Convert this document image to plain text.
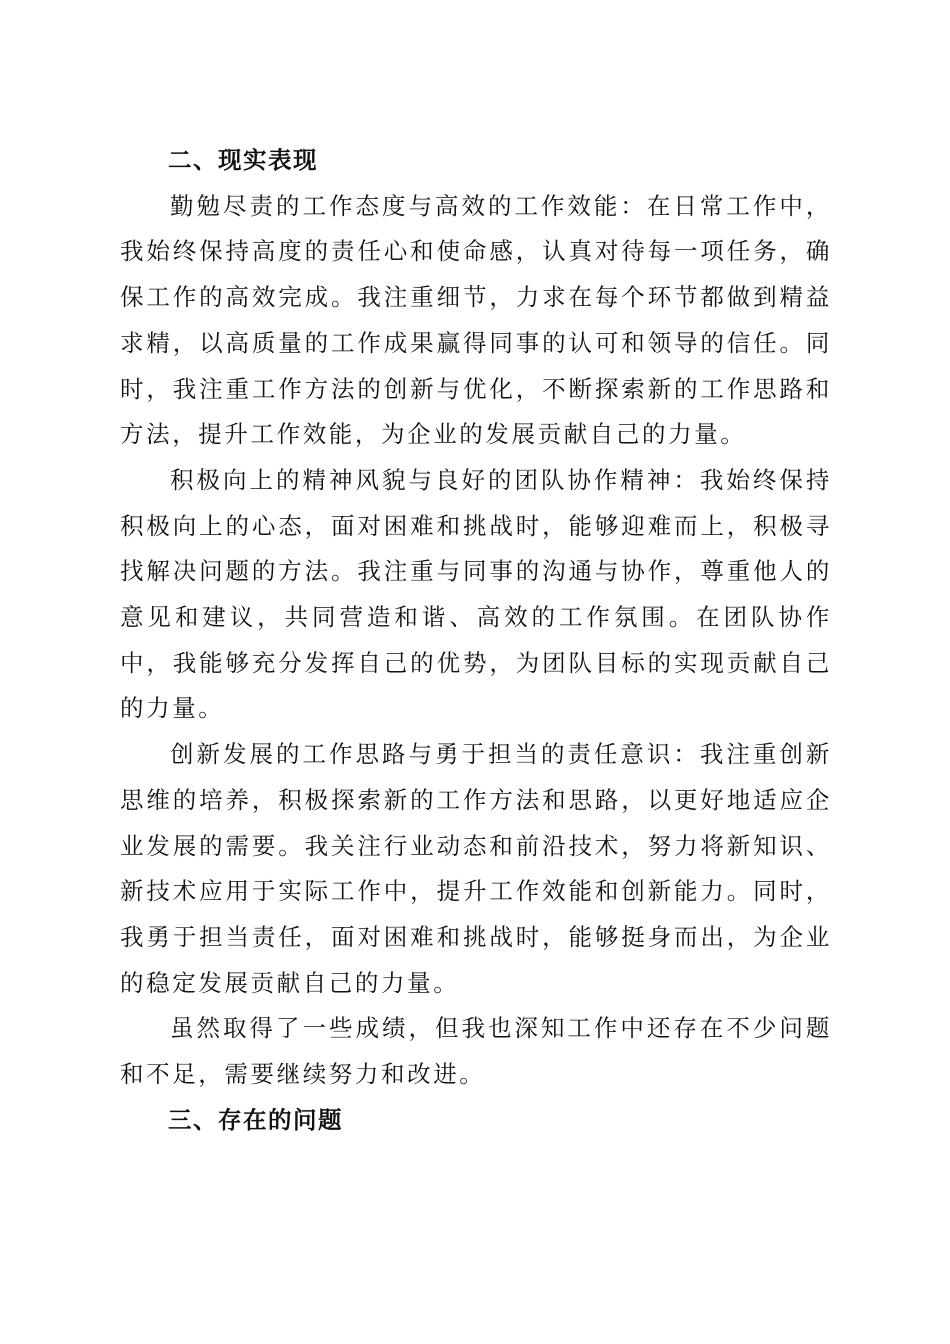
二、现实表现

勤勉尽责的工作态度与高效的工作效能：在日常工作中，我始终保持高度的责任心和使命感，认真对待每一项任务，确保工作的高效完成。我注重细节，力求在每个环节都做到精益求精，以高质量的工作成果赢得同事的认可和领导的信任。同时，我注重工作方法的创新与优化，不断探索新的工作思路和方法，提升工作效能，为企业的发展贡献自己的力量。

积极向上的精神风貌与良好的团队协作精神：我始终保持积极向上的心态，面对困难和挑战时，能够迎难而上，积极寻找解决问题的方法。我注重与同事的沟通与协作，尊重他人的意见和建议，共同营造和谐、高效的工作氛围。在团队协作中，我能够充分发挥自己的优势，为团队目标的实现贡献自己的力量。

创新发展的工作思路与勇于担当的责任意识：我注重创新思维的培养，积极探索新的工作方法和思路，以更好地适应企业发展的需要。我关注行业动态和前沿技术，努力将新知识、新技术应用于实际工作中，提升工作效能和创新能力。同时，我勇于担当责任，面对困难和挑战时，能够挺身而出，为企业的稳定发展贡献自己的力量。

虽然取得了一些成绩，但我也深知工作中还存在不少问题和不足，需要继续努力和改进。

三、存在的问题
